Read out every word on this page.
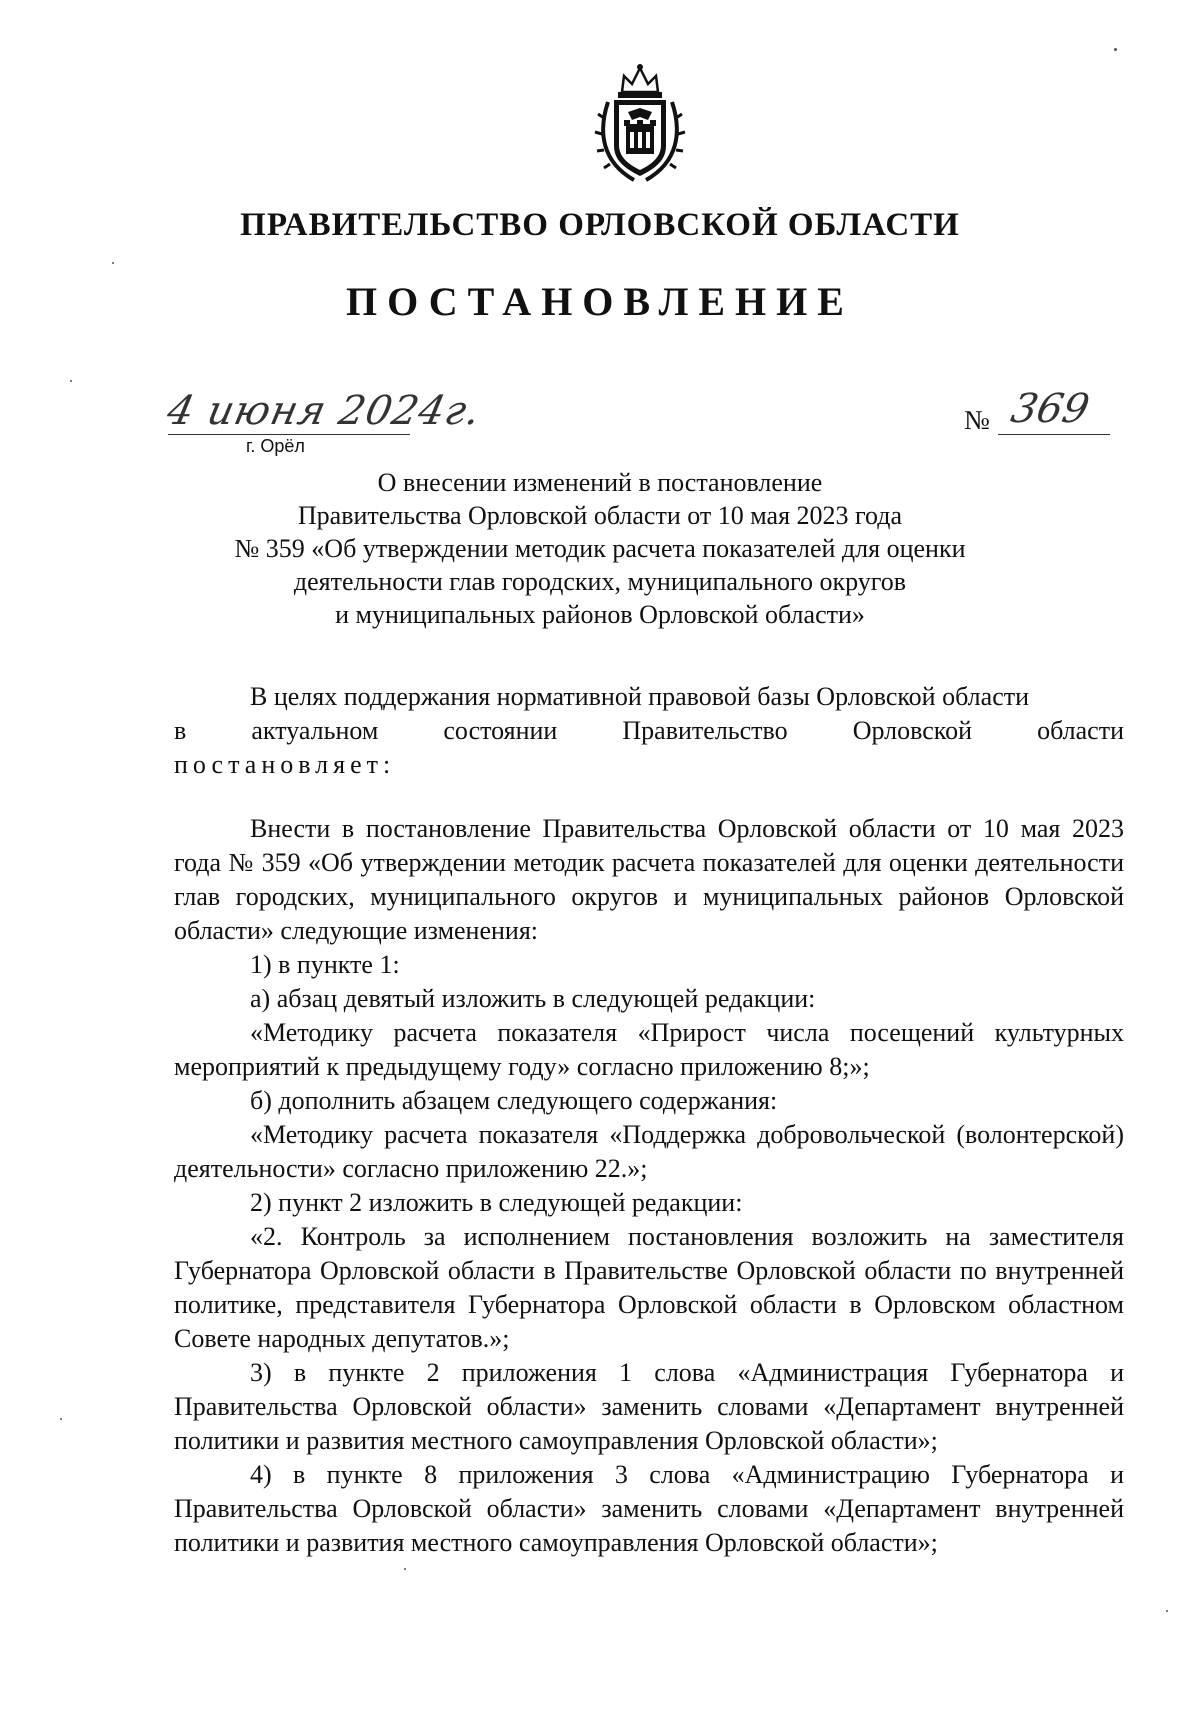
ПРАВИТЕЛЬСТВО ОРЛОВСКОЙ ОБЛАСТИ
ПОСТАНОВЛЕНИЕ
4 июня 2024г.
г. Орёл
№ 369
О внесении изменений в постановление
Правительства Орловской области от 10 мая 2023 года
№ 359 «Об утверждении методик расчета показателей для оценки
деятельности глав городских, муниципального округов
и муниципальных районов Орловской области»
В целях поддержания нормативной правовой базы Орловской области
в актуальном состоянии Правительство Орловской области
постановляет:
Внести в постановление Правительства Орловской области от 10 мая 2023 года № 359 «Об утверждении методик расчета показателей для оценки деятельности глав городских, муниципального округов и муниципальных районов Орловской области» следующие изменения:
1) в пункте 1:
а) абзац девятый изложить в следующей редакции:
«Методику расчета показателя «Прирост числа посещений культурных мероприятий к предыдущему году» согласно приложению 8;»;
б) дополнить абзацем следующего содержания:
«Методику расчета показателя «Поддержка добровольческой (волонтерской) деятельности» согласно приложению 22.»;
2) пункт 2 изложить в следующей редакции:
«2. Контроль за исполнением постановления возложить на заместителя Губернатора Орловской области в Правительстве Орловской области по внутренней политике, представителя Губернатора Орловской области в Орловском областном Совете народных депутатов.»;
3) в пункте 2 приложения 1 слова «Администрация Губернатора и Правительства Орловской области» заменить словами «Департамент внутренней политики и развития местного самоуправления Орловской области»;
4) в пункте 8 приложения 3 слова «Администрацию Губернатора и Правительства Орловской области» заменить словами «Департамент внутренней политики и развития местного самоуправления Орловской области»;
